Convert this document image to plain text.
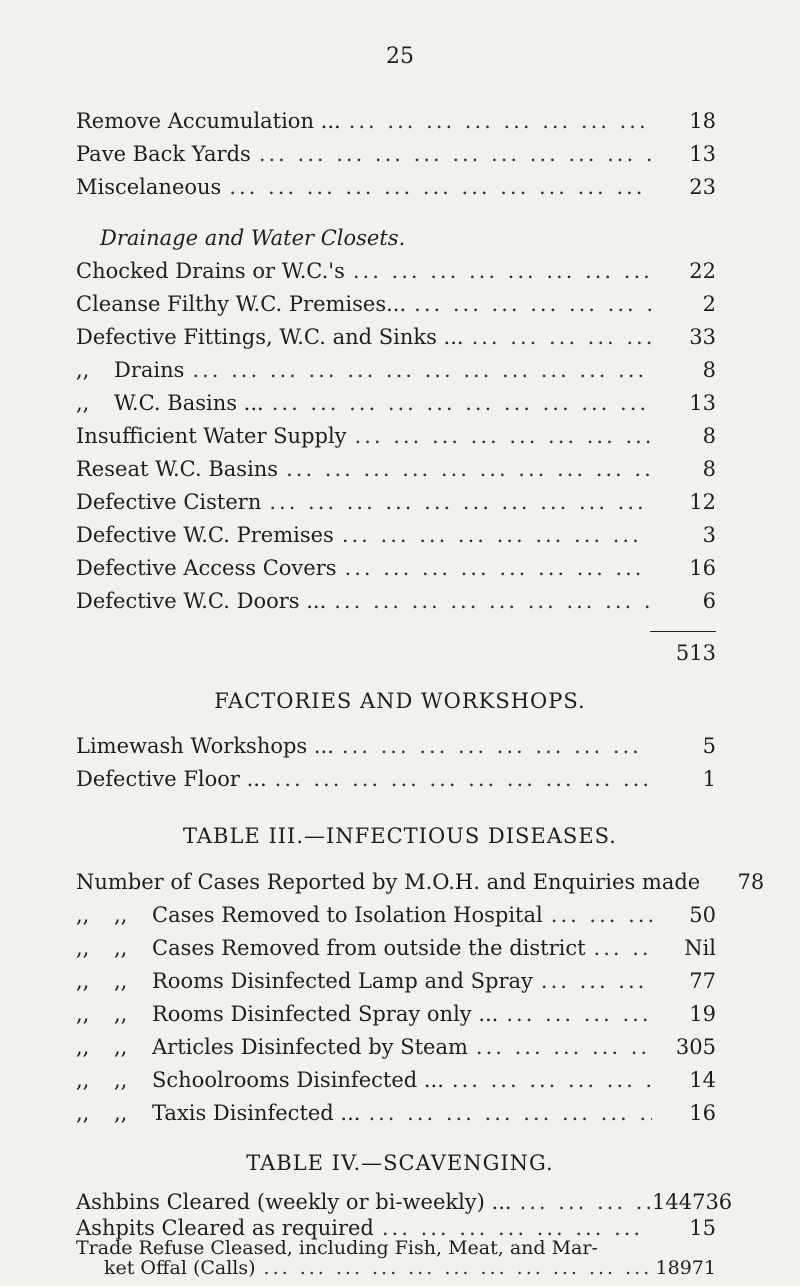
25
Remove Accumulation ... ... .	18
Pave Back Yards ... .	13
Miscelaneous ... .	23
Drainage and Water Closets.
Chocked Drains or W.C.'s ... .	22
Cleanse Filthy W.C. Premises... ... .	2
Defective Fittings, W.C. and Sinks ... ... .	33
,, Drains ... .	8
,, W.C. Basins ... ... .	13
Insufficient Water Supply ... .	8
Reseat W.C. Basins ... .	8
Defective Cistern ... .	12
Defective W.C. Premises ... .	3
Defective Access Covers ... .	16
Defective W.C. Doors ... ... .	6
513
FACTORIES AND WORKSHOPS.
Limewash Workshops ... ... .	5
Defective Floor ... ... .	1
TABLE III.—INFECTIOUS DISEASES.
Number of Cases Reported by M.O.H. and Enquiries made	78
,, ,, Cases Removed to Isolation Hospital ... .	50
,, ,, Cases Removed from outside the district ... .	Nil
,, ,, Rooms Disinfected Lamp and Spray ... .	77
,, ,, Rooms Disinfected Spray only ... ... .	19
,, ,, Articles Disinfected by Steam ... .	305
,, ,, Schoolrooms Disinfected ... ... .	14
,, ,, Taxis Disinfected ... ... .	16
TABLE IV.—SCAVENGING.
Ashbins Cleared (weekly or bi-weekly) ... ... .	144736
Ashpits Cleared as required ... .	15
Trade Refuse Cleased, including Fish, Meat, and Mar-
ket Offal (Calls) ... .	18971
